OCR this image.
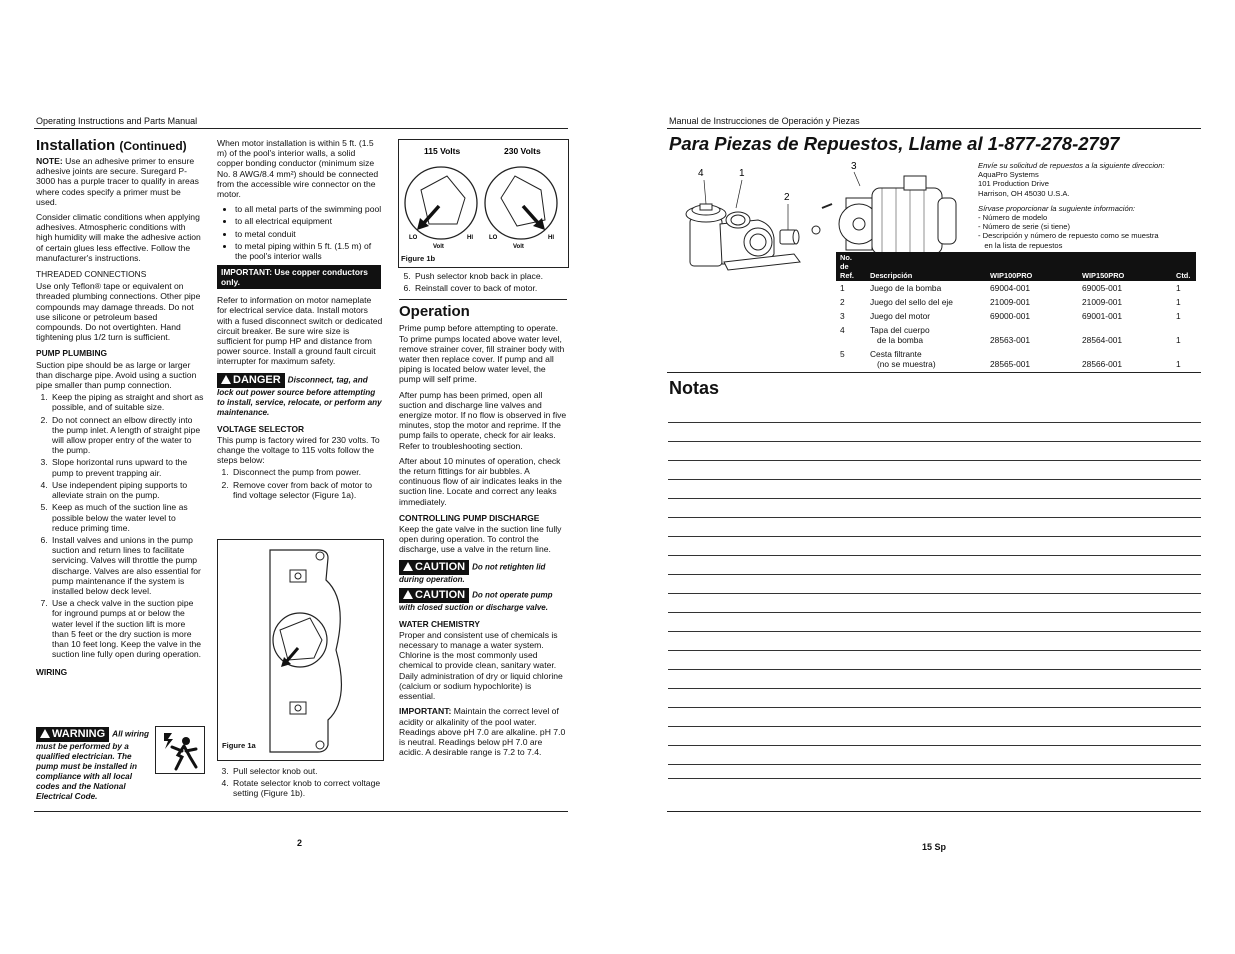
Operating Instructions and Parts Manual
Installation (Continued)

NOTE: Use an adhesive primer to ensure adhesive joints are secure. Suregard P-3000 has a purple tracer to qualify in areas where codes specify a primer must be used.

Consider climatic conditions when applying adhesives. Atmospheric conditions with high humidity will make the adhesive action of certain glues less effective. Follow the manufacturer's instructions.

THREADED CONNECTIONS

Use only Teflon® tape or equivalent on threaded plumbing connections. Other pipe compounds may damage threads. Do not use silicone or petroleum based compounds. Do not overtighten. Hand tightening plus 1/2 turn is sufficient.

PUMP PLUMBING

Suction pipe should be as large or larger than discharge pipe. Avoid using a suction pipe smaller than pump connection.

1. Keep the piping as straight and short as possible, and of suitable size.
2. Do not connect an elbow directly into the pump inlet. A length of straight pipe will allow proper entry of the water to the pump.
3. Slope horizontal runs upward to the pump to prevent trapping air.
4. Use independent piping supports to alleviate strain on the pump.
5. Keep as much of the suction line as possible below the water level to reduce priming time.
6. Install valves and unions in the pump suction and return lines to facilitate servicing. Valves will throttle the pump discharge. Valves are also essential for pump maintenance if the system is installed below deck level.
7. Use a check valve in the suction pipe for inground pumps at or below the water level if the suction lift is more than 5 feet or the dry suction is more than 10 feet long. Keep the valve in the suction line fully open during operation.
WIRING
WARNING All wiring must be performed by a qualified electrician. The pump must be installed in compliance with all local codes and the National Electrical Code.

When motor installation is within 5 ft. (1.5 m) of the pool's interior walls, a solid copper bonding conductor (minimum size No. 8 AWG/8.4 mm²) should be connected from the accessible wire connector on the motor.

• to all metal parts of the swimming pool
• to all electrical equipment
• to metal conduit
• to metal piping within 5 ft. (1.5 m) of the pool's interior walls
IMPORTANT: Use copper conductors only.

Refer to information on motor nameplate for electrical service data. Install motors with a fused disconnect switch or dedicated circuit breaker. Be sure wire size is sufficient for pump HP and distance from power source. Install a ground fault circuit interrupter for maximum safety.

DANGER Disconnect, tag, and lock out power source before attempting to install, service, relocate, or perform any maintenance.
VOLTAGE SELECTOR

This pump is factory wired for 230 volts. To change the voltage to 115 volts follow the steps below:

1. Disconnect the pump from power.
2. Remove cover from back of motor to find voltage selector (Figure 1a).
Figure 1a
3. Pull selector knob out.
4. Rotate selector knob to correct voltage setting (Figure 1b).
115 Volts	230 Volts
LO	HI
Volt
LO	HI
Volt
Figure 1b
5. Push selector knob back in place.
6. Reinstall cover to back of motor.
Operation

Prime pump before attempting to operate. To prime pumps located above water level, remove strainer cover, fill strainer body with water then replace cover. If pump and all piping is located below water level, the pump will self prime.

After pump has been primed, open all suction and discharge line valves and energize motor. If no flow is observed in five minutes, stop the motor and reprime. If the pump fails to operate, check for air leaks. Refer to troubleshooting section.

After about 10 minutes of operation, check the return fittings for air bubbles. A continuous flow of air indicates leaks in the suction line. Locate and correct any leaks immediately.

CONTROLLING PUMP DISCHARGE

Keep the gate valve in the suction line fully open during operation. To control the discharge, use a valve in the return line.

CAUTION Do not retighten lid during operation.
CAUTION Do not operate pump with closed suction or discharge valve.
WATER CHEMISTRY

Proper and consistent use of chemicals is necessary to manage a water system. Chlorine is the most commonly used chemical to provide clean, sanitary water. Daily administration of dry or liquid chlorine (calcium or sodium hypochlorite) is essential.

IMPORTANT: Maintain the correct level of acidity or alkalinity of the pool water. Readings above pH 7.0 are alkaline. pH 7.0 is neutral. Readings below pH 7.0 are acidic. A desirable range is 7.2 to 7.4.

2
Manual de Instrucciones de Operación y Piezas
Para Piezas de Repuestos, Llame al 1-877-278-2797
4	1
2
3	Envíe su solicitud de repuestos a la siguiente direccion:
AquaPro Systems
101 Production Drive
Harrison, OH 45030 U.S.A.
Sírvase proporcionar la suguiente información:
- Número de modelo
- Número de serie (si tiene)
- Descripción y número de repuesto como se muestra
en la lista de repuestos
No. de
Ref.	Descripción	WIP100PRO	WIP150PRO	Ctd.
1	Juego de la bomba	69004-001	69005-001	1
2	Juego del sello del eje	21009-001	21009-001	1
3	Juego del motor	69000-001	69001-001	1
4	Tapa del cuerpo
de la bomba	28563-001	28564-001	1
5	Cesta filtrante
(no se muestra)	28565-001	28566-001	1
Notas
15 Sp
